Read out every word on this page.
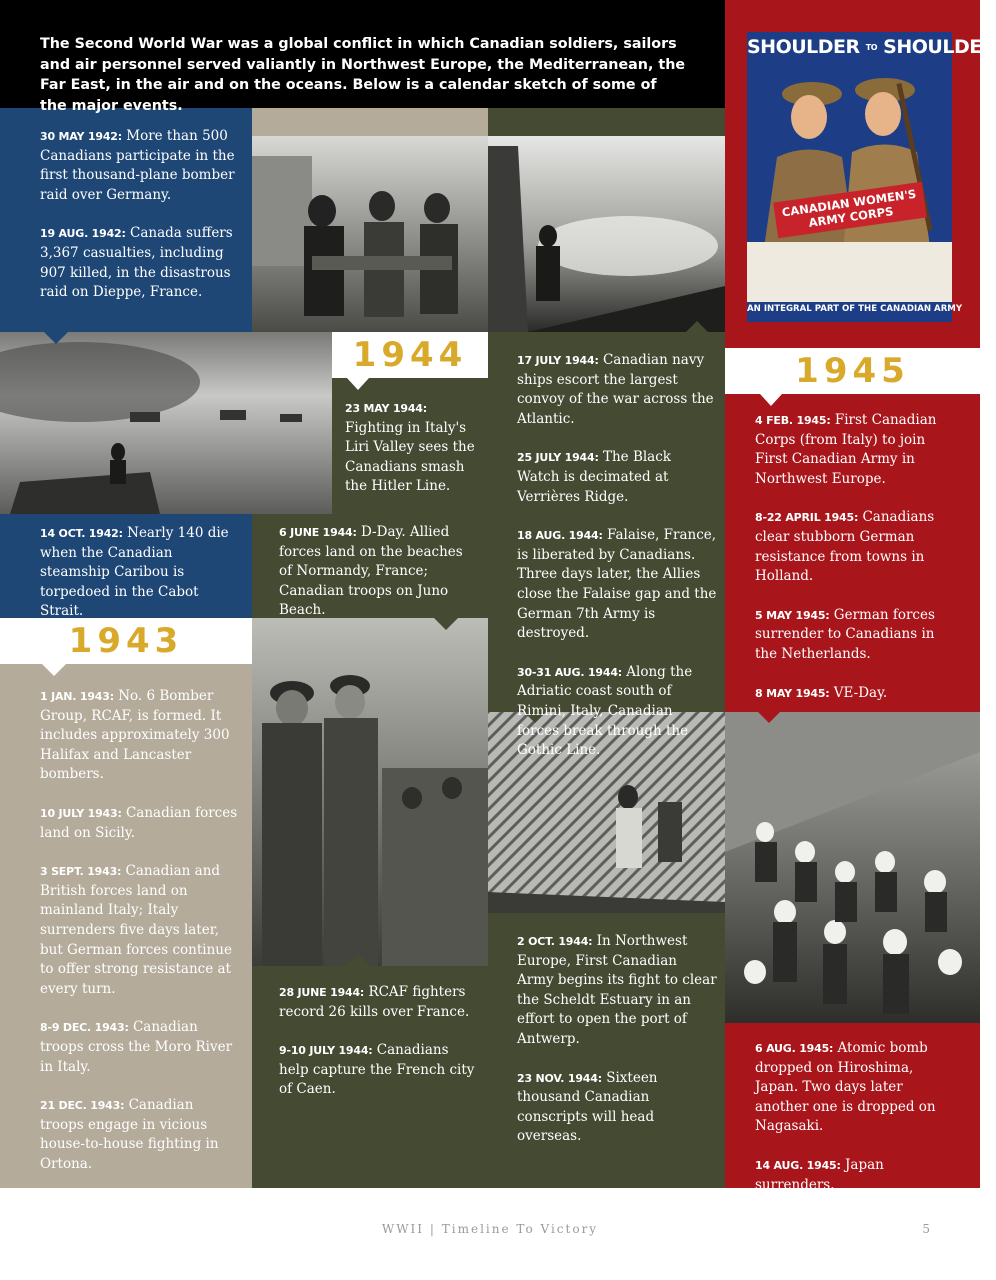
SHOULDER TO SHOULDER
CANADIAN WOMEN'S ARMY CORPS
AN INTEGRAL PART OF THE CANADIAN ARMY
1944
1943
1945
The Second World War was a global conflict in which Canadian soldiers, sailors and air personnel served valiantly in Northwest Europe, the Mediterranean, the Far East, in the air and on the oceans. Below is a calendar sketch of some of the major events.

30 MAY 1942: More than 500 Canadians participate in the first thousand-plane bomber raid over Germany.

19 AUG. 1942: Canada suffers 3,367 casualties, including 907 killed, in the disastrous raid on Dieppe, France.

14 OCT. 1942: Nearly 140 die when the Canadian steamship Caribou is torpedoed in the Cabot Strait.

1 JAN. 1943: No. 6 Bomber Group, RCAF, is formed. It includes approximately 300 Halifax and Lancaster bombers.

10 JULY 1943: Canadian forces land on Sicily.

3 SEPT. 1943: Canadian and British forces land on mainland Italy; Italy surrenders five days later, but German forces continue to offer strong resistance at every turn.

8-9 DEC. 1943: Canadian troops cross the Moro River in Italy.

21 DEC. 1943: Canadian troops engage in vicious house-to-house fighting in Ortona.

23 MAY 1944: Fighting in Italy's Liri Valley sees the Canadians smash the Hitler Line.

6 JUNE 1944: D-Day. Allied forces land on the beaches of Normandy, France; Canadian troops on Juno Beach.

28 JUNE 1944: RCAF fighters record 26 kills over France.

9-10 JULY 1944: Canadians help capture the French city of Caen.

17 JULY 1944: Canadian navy ships escort the largest convoy of the war across the Atlantic.

25 JULY 1944: The Black Watch is decimated at Verrières Ridge.

18 AUG. 1944: Falaise, France, is liberated by Canadians. Three days later, the Allies close the Falaise gap and the German 7th Army is destroyed.

30-31 AUG. 1944: Along the Adriatic coast south of Rimini, Italy, Canadian forces break through the Gothic Line.

2 OCT. 1944: In Northwest Europe, First Canadian Army begins its fight to clear the Scheldt Estuary in an effort to open the port of Antwerp.

23 NOV. 1944: Sixteen thousand Canadian conscripts will head overseas.

4 FEB. 1945: First Canadian Corps (from Italy) to join First Canadian Army in Northwest Europe.

8-22 APRIL 1945: Canadians clear stubborn German resistance from towns in Holland.

5 MAY 1945: German forces surrender to Canadians in the Netherlands.

8 MAY 1945: VE-Day.

6 AUG. 1945: Atomic bomb dropped on Hiroshima, Japan. Two days later another one is dropped on Nagasaki.

14 AUG. 1945: Japan surrenders.

WWII | Timeline To Victory	5
